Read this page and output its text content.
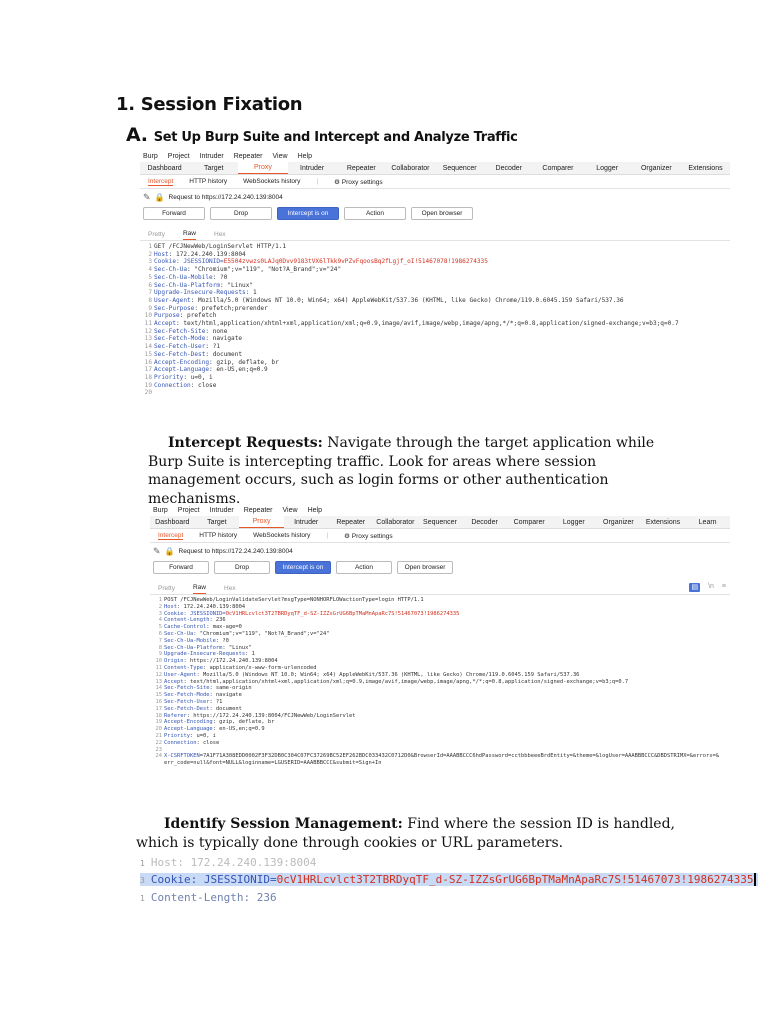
1. Session Fixation
A. Set Up Burp Suite and Intercept and Analyze Traffic
Burp Project Intruder Repeater View Help
Dashboard	Target	Proxy	Intruder	Repeater	Collaborator	Sequencer	Decoder	Comparer	Logger	Organizer	Extensions
Intercept HTTP history WebSockets history | ⚙ Proxy settings
✎ 🔒 Request to https://172.24.240.139:8004
Forward	Drop	Intercept is on	Action	Open browser
Pretty	Raw	Hex
1 GET /FCJNewWeb/LoginServlet HTTP/1.1
2 Host: 172.24.240.139:8004
3 Cookie: JSESSIONID=E5504zvwzs0LAJq0Dvv9183tVX6lTkk9vPZvFqoosBq2fLgjf_oI!51467078!1986274335
4 Sec-Ch-Ua: "Chromium";v="119", "Not?A_Brand";v="24"
5 Sec-Ch-Ua-Mobile: ?0
6 Sec-Ch-Ua-Platform: "Linux"
7 Upgrade-Insecure-Requests: 1
8 User-Agent: Mozilla/5.0 (Windows NT 10.0; Win64; x64) AppleWebKit/537.36 (KHTML, like Gecko) Chrome/119.0.6045.159 Safari/537.36
9 Sec-Purpose: prefetch;prerender
10 Purpose: prefetch
11 Accept: text/html,application/xhtml+xml,application/xml;q=0.9,image/avif,image/webp,image/apng,*/*;q=0.8,application/signed-exchange;v=b3;q=0.7
12 Sec-Fetch-Site: none
13 Sec-Fetch-Mode: navigate
14 Sec-Fetch-User: ?1
15 Sec-Fetch-Dest: document
16 Accept-Encoding: gzip, deflate, br
17 Accept-Language: en-US,en;q=0.9
18 Priority: u=0, i
19 Connection: close
20
Intercept Requests: Navigate through the target application while Burp Suite is intercepting traffic. Look for areas where session management occurs, such as login forms or other authentication mechanisms.
Burp Project Intruder Repeater View Help
Dashboard	Target	Proxy	Intruder	Repeater	Collaborator	Sequencer	Decoder	Comparer	Logger	Organizer	Extensions	Learn
Intercept HTTP history WebSockets history | ⚙ Proxy settings
✎ 🔒 Request to https://172.24.240.139:8004
Forward	Drop	Intercept is on	Action	Open browser
Pretty	Raw	Hex	▤ \n ≡
1 POST /FCJNewWeb/LoginValidateServlet?msgType=NONHORFLOWactionType=login HTTP/1.1
2 Host: 172.24.240.139:8004
3 Cookie: JSESSIONID=0cV1HRLcvlct3T2TBRDyqTF_d-SZ-IZZsGrUG6BpTMaMnApaRc7S!51467073!1986274335
4 Content-Length: 236
5 Cache-Control: max-age=0
6 Sec-Ch-Ua: "Chromium";v="119", "Not?A_Brand";v="24"
7 Sec-Ch-Ua-Mobile: ?0
8 Sec-Ch-Ua-Platform: "Linux"
9 Upgrade-Insecure-Requests: 1
10 Origin: https://172.24.240.139:8004
11 Content-Type: application/x-www-form-urlencoded
12 User-Agent: Mozilla/5.0 (Windows NT 10.0; Win64; x64) AppleWebKit/537.36 (KHTML, like Gecko) Chrome/119.0.6045.159 Safari/537.36
13 Accept: text/html,application/xhtml+xml,application/xml;q=0.9,image/avif,image/webp,image/apng,*/*;q=0.8,application/signed-exchange;v=b3;q=0.7
14 Sec-Fetch-Site: same-origin
15 Sec-Fetch-Mode: navigate
16 Sec-Fetch-User: ?1
17 Sec-Fetch-Dest: document
18 Referer: https://172.24.240.139:8004/FCJNewWeb/LoginServlet
19 Accept-Encoding: gzip, deflate, br
20 Accept-Language: en-US,en;q=0.9
21 Priority: u=0, i
22 Connection: close
23
24 X-CSRFTOKEN=7A1F71A308EDD0002F3F32DB0C304C07FC37269BC52EF262BDC033432C0712D0&BrowserId=AAABBCCC6hdPassword=cctbbbeeeBrdEntity=&theme=&logUser=AAABBBCCC&DBDSTRIMX=&errors=&
err_code=null&font=NULL&loginname=LGUSERID=AAABBBCCC&submit=Sign+In
Identify Session Management: Find where the session ID is handled, which is typically done through cookies or URL parameters.
1 Host: 172.24.240.139:8004
3 Cookie: JSESSIONID=0cV1HRLcvlct3T2TBRDyqTF_d-SZ-IZZsGrUG6BpTMaMnApaRc7S!51467073!1986274335
1 Content-Length: 236
